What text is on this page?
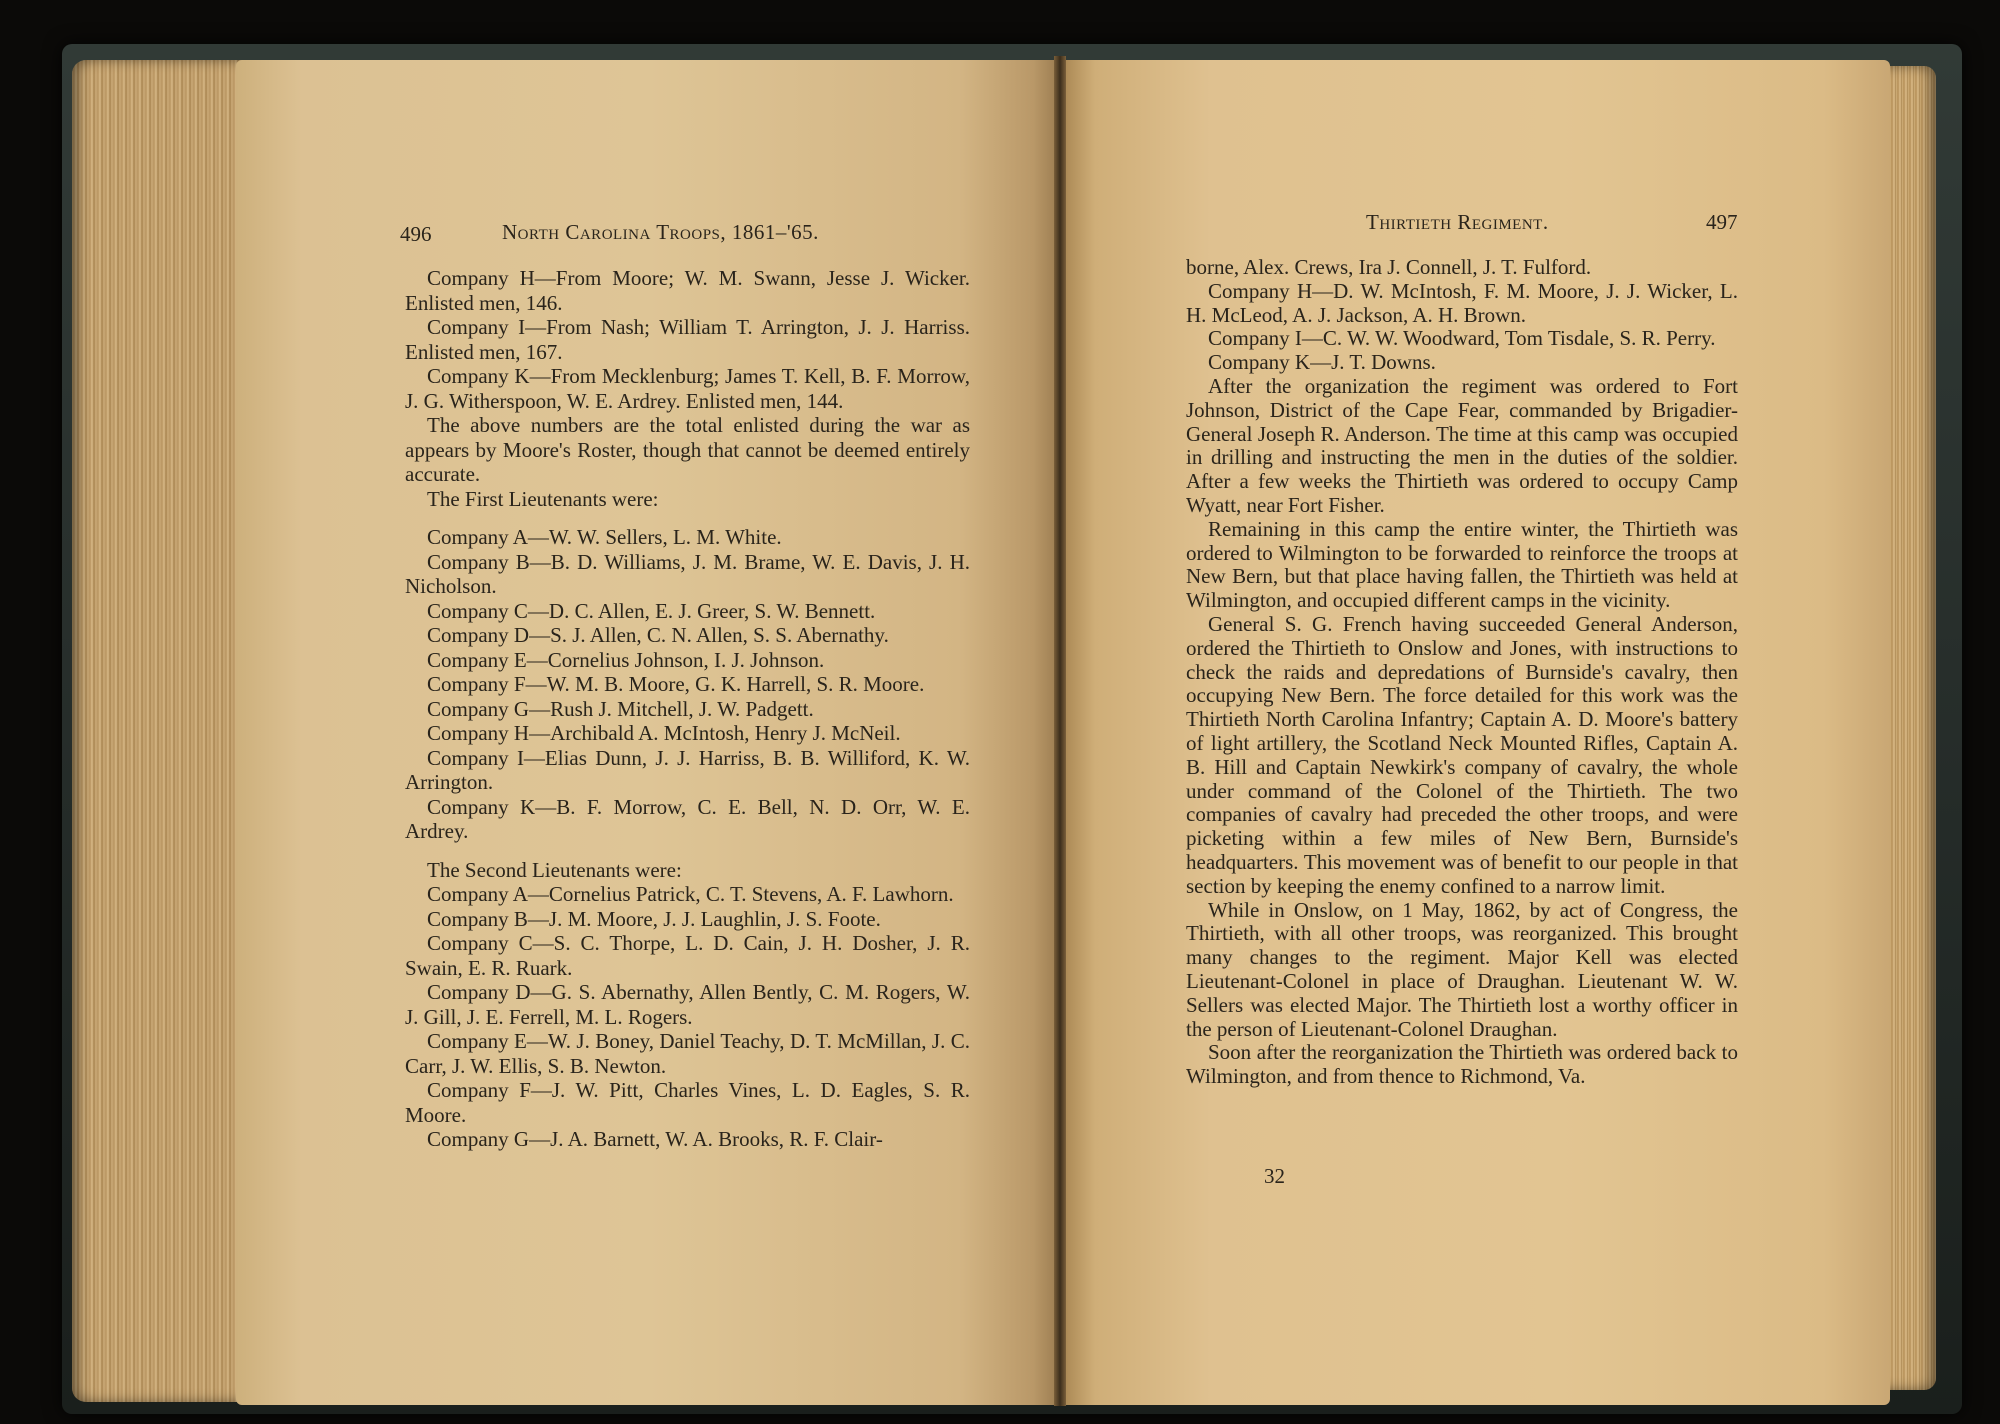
496	North Carolina Troops, 1861–'65.

Company H—From Moore; W. M. Swann, Jesse J. Wicker. Enlisted men, 146.

Company I—From Nash; William T. Arrington, J. J. Harriss. Enlisted men, 167.

Company K—From Mecklenburg; James T. Kell, B. F. Morrow, J. G. Witherspoon, W. E. Ardrey. Enlisted men, 144.

The above numbers are the total enlisted during the war as appears by Moore's Roster, though that cannot be deemed entirely accurate.

The First Lieutenants were:

Company A—W. W. Sellers, L. M. White.

Company B—B. D. Williams, J. M. Brame, W. E. Davis, J. H. Nicholson.

Company C—D. C. Allen, E. J. Greer, S. W. Bennett.

Company D—S. J. Allen, C. N. Allen, S. S. Abernathy.

Company E—Cornelius Johnson, I. J. Johnson.

Company F—W. M. B. Moore, G. K. Harrell, S. R. Moore.

Company G—Rush J. Mitchell, J. W. Padgett.

Company H—Archibald A. McIntosh, Henry J. McNeil.

Company I—Elias Dunn, J. J. Harriss, B. B. Williford, K. W. Arrington.

Company K—B. F. Morrow, C. E. Bell, N. D. Orr, W. E. Ardrey.

The Second Lieutenants were:

Company A—Cornelius Patrick, C. T. Stevens, A. F. Lawhorn.

Company B—J. M. Moore, J. J. Laughlin, J. S. Foote.

Company C—S. C. Thorpe, L. D. Cain, J. H. Dosher, J. R. Swain, E. R. Ruark.

Company D—G. S. Abernathy, Allen Bently, C. M. Rogers, W. J. Gill, J. E. Ferrell, M. L. Rogers.

Company E—W. J. Boney, Daniel Teachy, D. T. McMillan, J. C. Carr, J. W. Ellis, S. B. Newton.

Company F—J. W. Pitt, Charles Vines, L. D. Eagles, S. R. Moore.

Company G—J. A. Barnett, W. A. Brooks, R. F. Clair-

Thirtieth Regiment.	497

borne, Alex. Crews, Ira J. Connell, J. T. Fulford.

Company H—D. W. McIntosh, F. M. Moore, J. J. Wicker, L. H. McLeod, A. J. Jackson, A. H. Brown.

Company I—C. W. W. Woodward, Tom Tisdale, S. R. Perry.

Company K—J. T. Downs.

After the organization the regiment was ordered to Fort Johnson, District of the Cape Fear, commanded by Brigadier-General Joseph R. Anderson. The time at this camp was occupied in drilling and instructing the men in the duties of the soldier. After a few weeks the Thirtieth was ordered to occupy Camp Wyatt, near Fort Fisher.

Remaining in this camp the entire winter, the Thirtieth was ordered to Wilmington to be forwarded to reinforce the troops at New Bern, but that place having fallen, the Thirtieth was held at Wilmington, and occupied different camps in the vicinity.

General S. G. French having succeeded General Anderson, ordered the Thirtieth to Onslow and Jones, with instructions to check the raids and depredations of Burnside's cavalry, then occupying New Bern. The force detailed for this work was the Thirtieth North Carolina Infantry; Captain A. D. Moore's battery of light artillery, the Scotland Neck Mounted Rifles, Captain A. B. Hill and Captain Newkirk's company of cavalry, the whole under command of the Colonel of the Thirtieth. The two companies of cavalry had preceded the other troops, and were picketing within a few miles of New Bern, Burnside's headquarters. This movement was of benefit to our people in that section by keeping the enemy confined to a narrow limit.

While in Onslow, on 1 May, 1862, by act of Congress, the Thirtieth, with all other troops, was reorganized. This brought many changes to the regiment. Major Kell was elected Lieutenant-Colonel in place of Draughan. Lieutenant W. W. Sellers was elected Major. The Thirtieth lost a worthy officer in the person of Lieutenant-Colonel Draughan.

Soon after the reorganization the Thirtieth was ordered back to Wilmington, and from thence to Richmond, Va.

32
